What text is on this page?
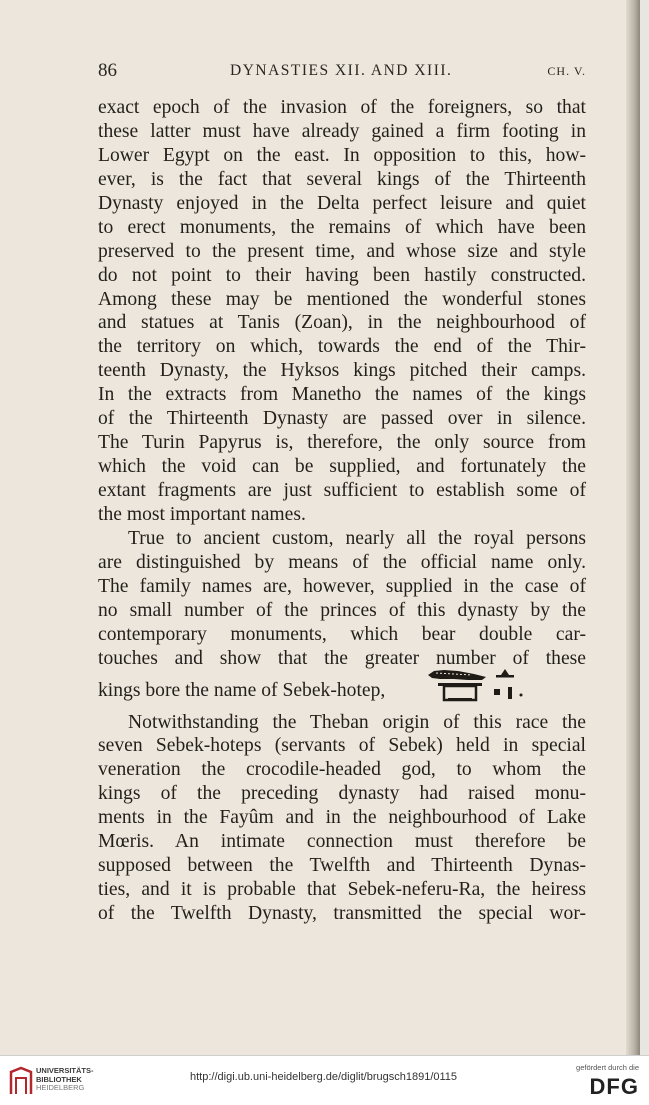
86	DYNASTIES XII. AND XIII.	CH. V.
exact epoch of the invasion of the foreigners, so that
these latter must have already gained a firm footing in
Lower Egypt on the east. In opposition to this, how-
ever, is the fact that several kings of the Thirteenth
Dynasty enjoyed in the Delta perfect leisure and quiet
to erect monuments, the remains of which have been
preserved to the present time, and whose size and style
do not point to their having been hastily constructed.
Among these may be mentioned the wonderful stones
and statues at Tanis (Zoan), in the neighbourhood of
the territory on which, towards the end of the Thir-
teenth Dynasty, the Hyksos kings pitched their camps.
In the extracts from Manetho the names of the kings
of the Thirteenth Dynasty are passed over in silence.
The Turin Papyrus is, therefore, the only source from
which the void can be supplied, and fortunately the
extant fragments are just sufficient to establish some of
the most important names.
True to ancient custom, nearly all the royal persons
are distinguished by means of the official name only.
The family names are, however, supplied in the case of
no small number of the princes of this dynasty by the
contemporary monuments, which bear double car-
touches and show that the greater number of these
kings bore the name of Sebek-hotep,
Notwithstanding the Theban origin of this race the
seven Sebek-hoteps (servants of Sebek) held in special
veneration the crocodile-headed god, to whom the
kings of the preceding dynasty had raised monu-
ments in the Fayûm and in the neighbourhood of Lake
Mœris. An intimate connection must therefore be
supposed between the Twelfth and Thirteenth Dynas-
ties, and it is probable that Sebek-neferu-Ra, the heiress
of the Twelfth Dynasty, transmitted the special wor-
UNIVERSITÄTS-
BIBLIOTHEK
HEIDELBERG
http://digi.ub.uni-heidelberg.de/diglit/brugsch1891/0115
gefördert durch die
DFG
